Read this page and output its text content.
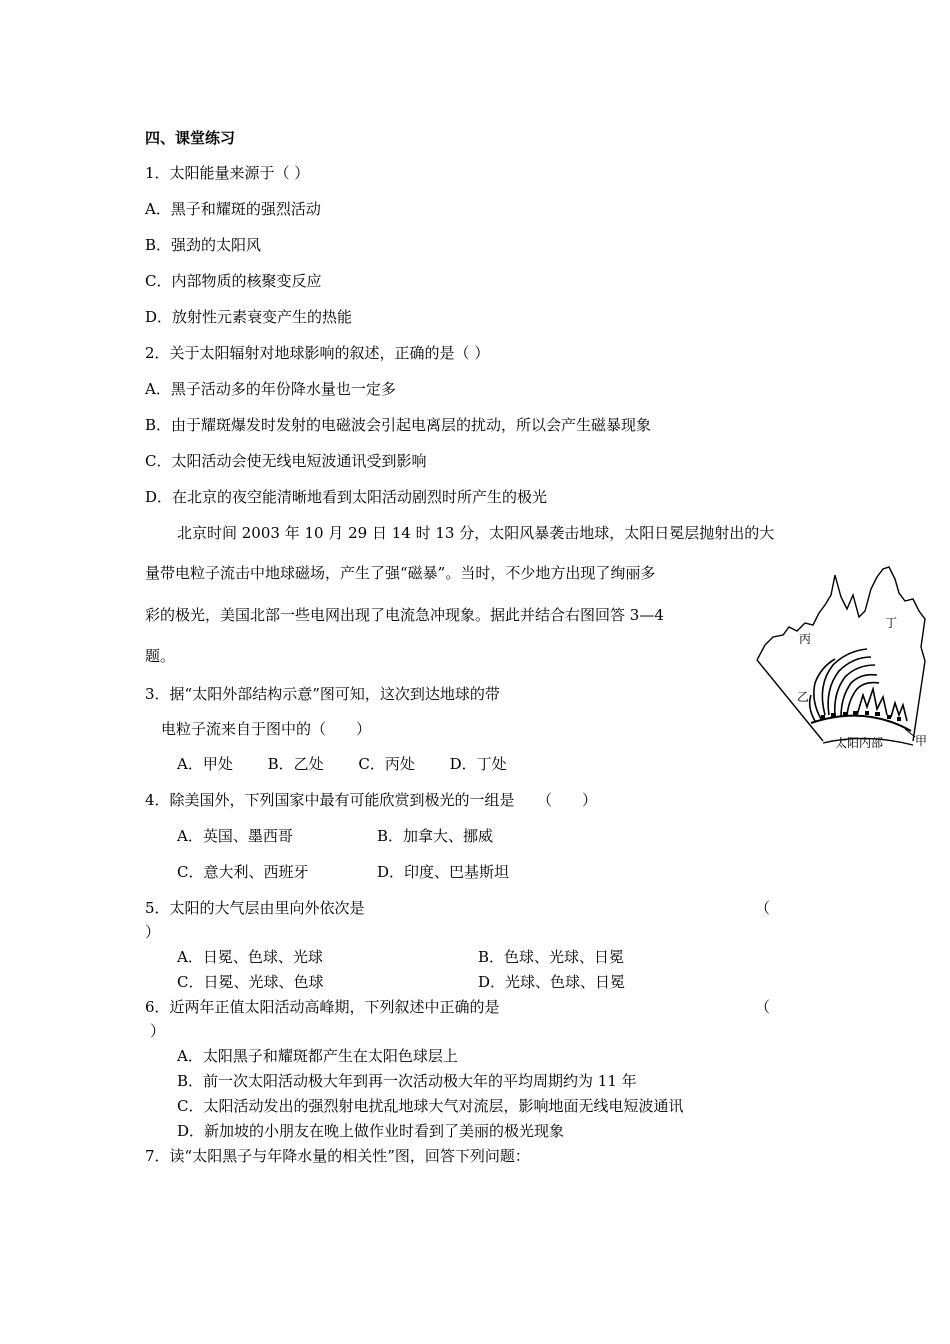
四、课堂练习
1．太阳能量来源于（ ）
A．黑子和耀斑的强烈活动
B．强劲的太阳风
C．内部物质的核聚变反应
D．放射性元素衰变产生的热能
2．关于太阳辐射对地球影响的叙述，正确的是（ ）
A．黑子活动多的年份降水量也一定多
B．由于耀斑爆发时发射的电磁波会引起电离层的扰动，所以会产生磁暴现象
C．太阳活动会使无线电短波通讯受到影响
D．在北京的夜空能清晰地看到太阳活动剧烈时所产生的极光
北京时间 2003 年 10 月 29 日 14 时 13 分，太阳风暴袭击地球，太阳日冕层抛射出的大
量带电粒子流击中地球磁场，产生了强“磁暴”。当时，不少地方出现了绚丽多
彩的极光，美国北部一些电网出现了电流急冲现象。据此并结合右图回答 3—4
题。
丙
丁
乙
甲
太阳内部
3．据“太阳外部结构示意”图可知，这次到达地球的带
电粒子流来自于图中的（　　）
A．甲处　　 B．乙处　　 C．丙处　　 D．丁处
4．除美国外，下列国家中最有可能欣赏到极光的一组是　　（　　）
A．英国、墨西哥	B．加拿大、挪威
C．意大利、西班牙	D．印度、巴基斯坦
5．太阳的大气层由里向外依次是	（
）
A．日冕、色球、光球	B．色球、光球、日冕
C．日冕、光球、色球	D．光球、色球、日冕
6．近两年正值太阳活动高峰期，下列叙述中正确的是	（
）
A．太阳黑子和耀斑都产生在太阳色球层上
B．前一次太阳活动极大年到再一次活动极大年的平均周期约为 11 年
C．太阳活动发出的强烈射电扰乱地球大气对流层，影响地面无线电短波通讯
D．新加坡的小朋友在晚上做作业时看到了美丽的极光现象
7．读“太阳黑子与年降水量的相关性”图，回答下列问题：
